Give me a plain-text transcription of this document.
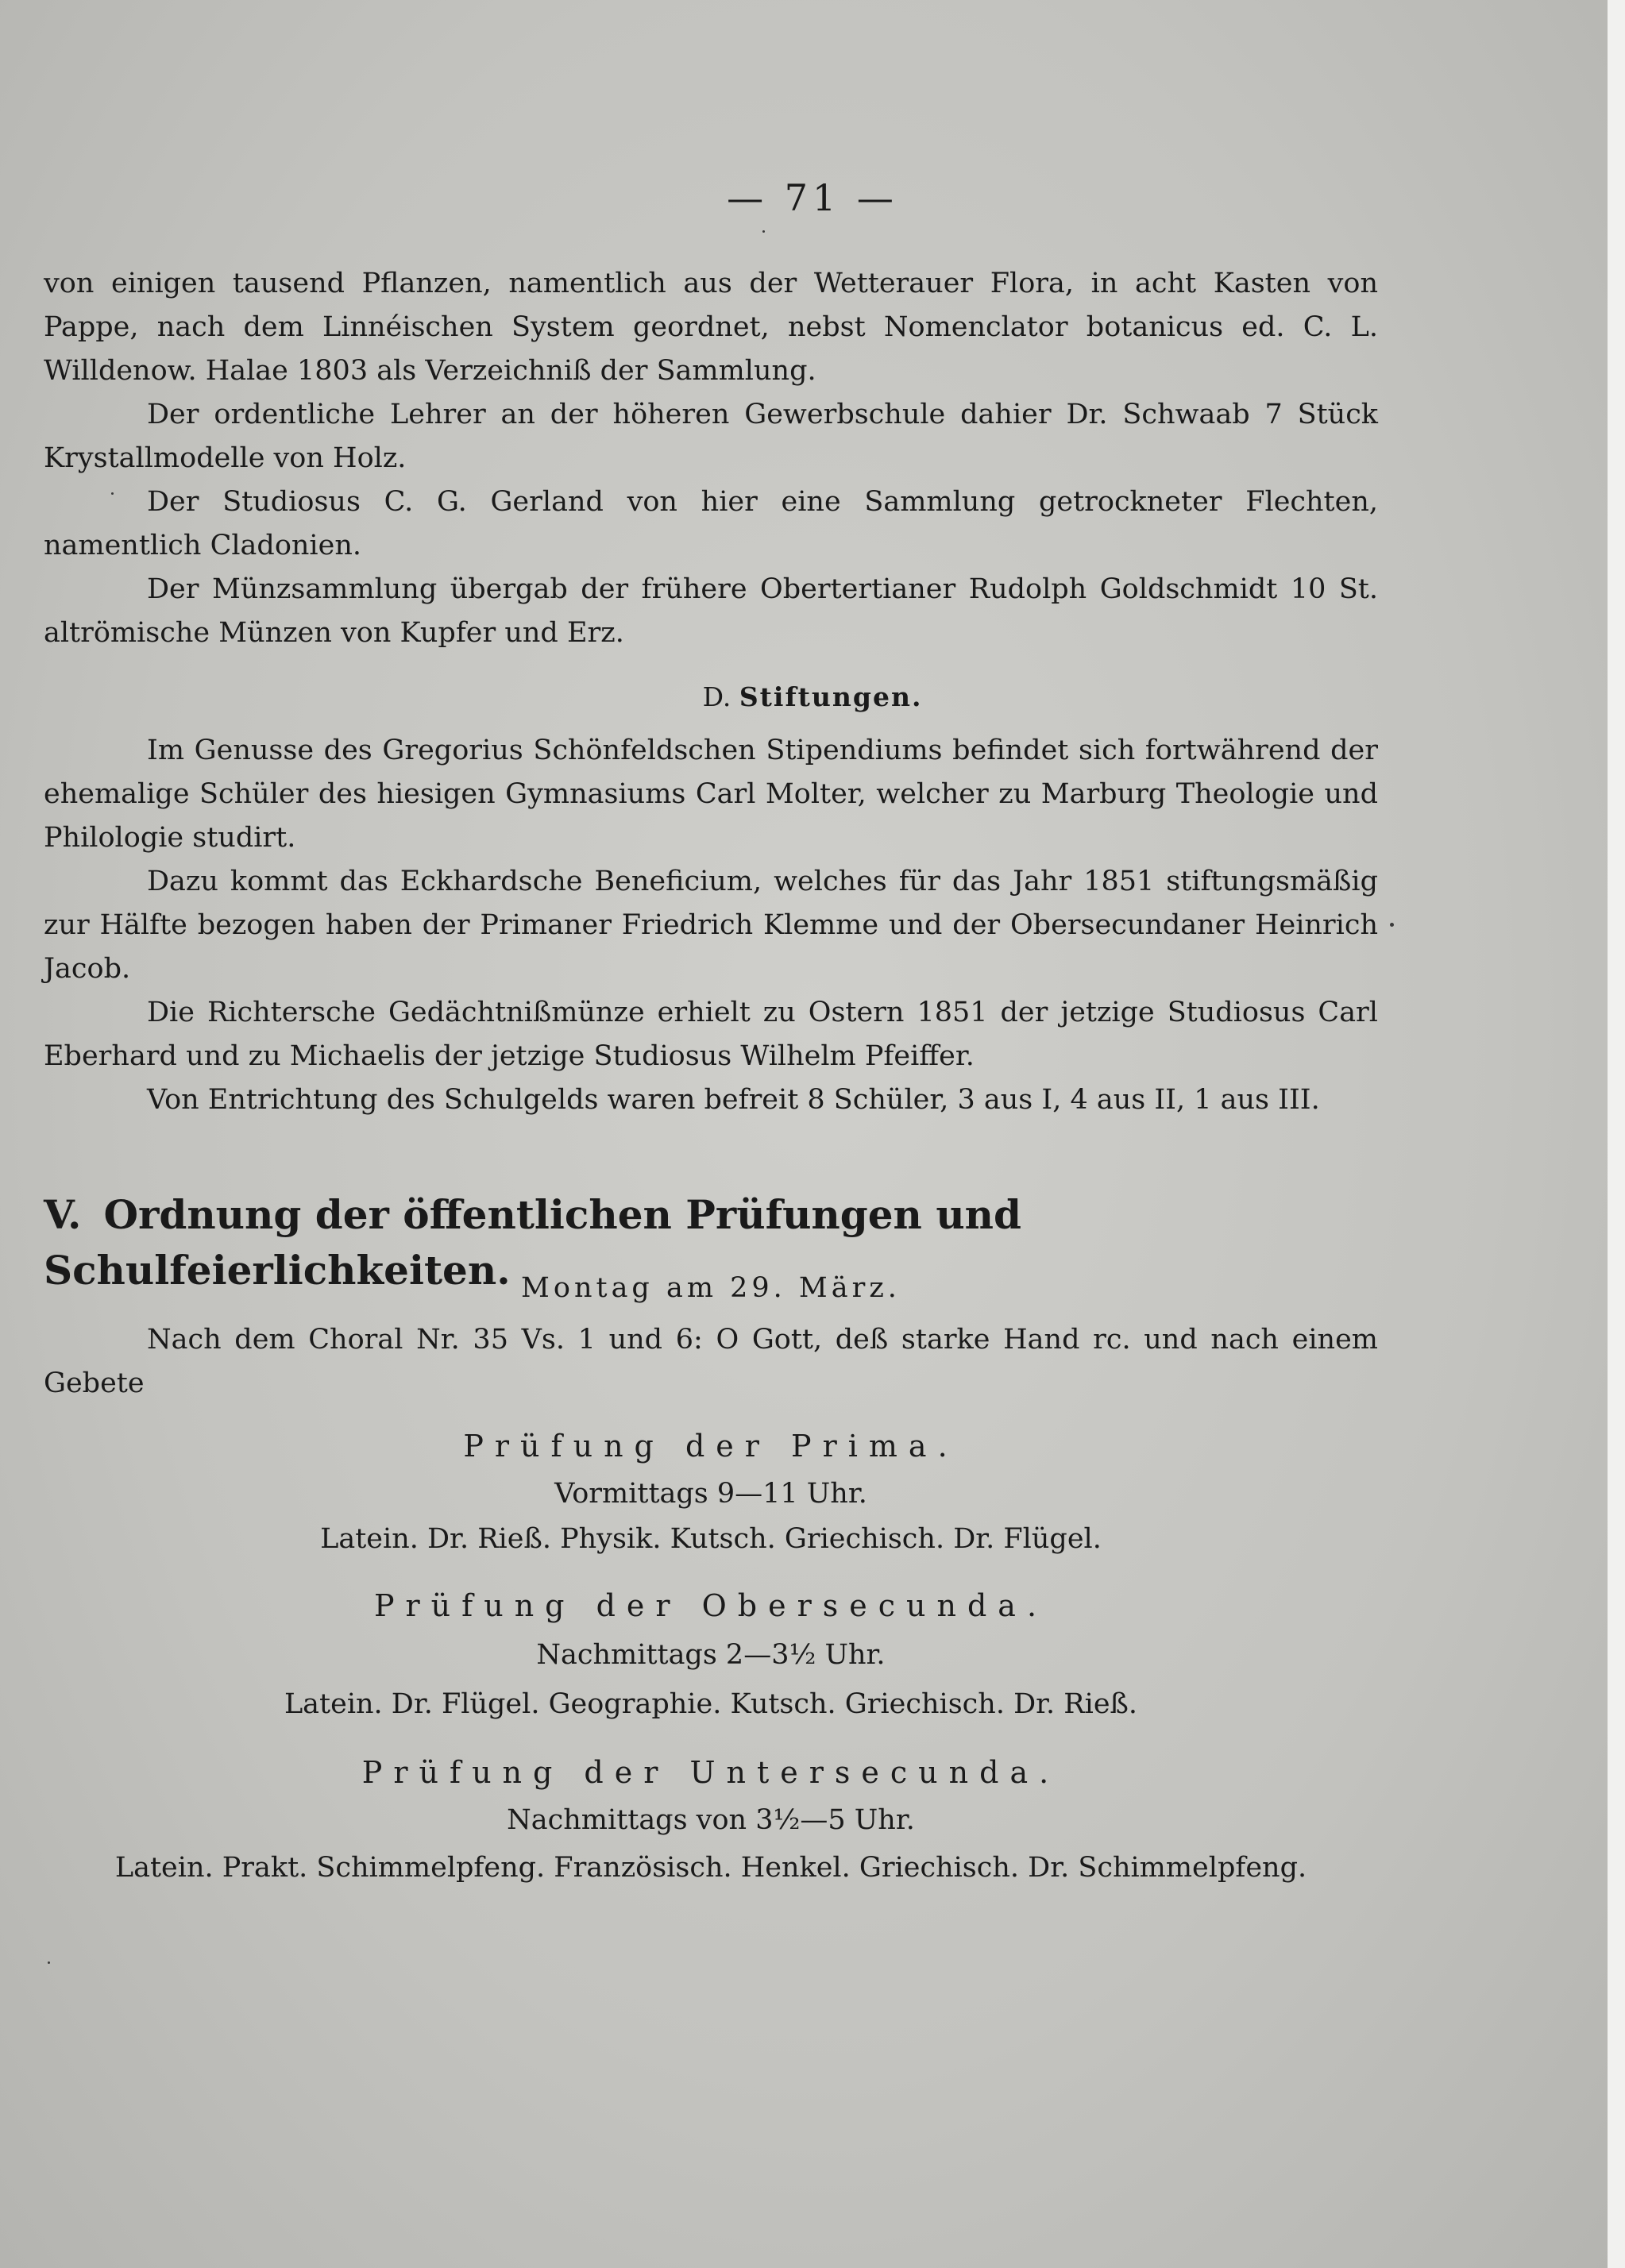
— 71 —

von einigen tausend Pflanzen, namentlich aus der Wetterauer Flora, in acht Kasten von Pappe, nach dem Linnéischen System geordnet, nebst Nomenclator botanicus ed. C. L. Willdenow. Halae 1803 als Verzeichniß der Sammlung.

Der ordentliche Lehrer an der höheren Gewerbschule dahier Dr. Schwaab 7 Stück Krystallmodelle von Holz.

Der Studiosus C. G. Gerland von hier eine Sammlung getrockneter Flechten, namentlich Cladonien.

Der Münzsammlung übergab der frühere Obertertianer Rudolph Goldschmidt 10 St. altrömische Münzen von Kupfer und Erz.

D. Stiftungen.

Im Genusse des Gregorius Schönfeldschen Stipendiums befindet sich fortwährend der ehemalige Schüler des hiesigen Gymnasiums Carl Molter, welcher zu Marburg Theologie und Philologie studirt.

Dazu kommt das Eckhardsche Beneficium, welches für das Jahr 1851 stiftungsmäßig zur Hälfte bezogen haben der Primaner Friedrich Klemme und der Obersecundaner Heinrich Jacob.

Die Richtersche Gedächtnißmünze erhielt zu Ostern 1851 der jetzige Studiosus Carl Eberhard und zu Michaelis der jetzige Studiosus Wilhelm Pfeiffer.

Von Entrichtung des Schulgelds waren befreit 8 Schüler, 3 aus I, 4 aus II, 1 aus III.

V. Ordnung der öffentlichen Prüfungen und Schulfeierlichkeiten. Montag am 29. März.

Nach dem Choral Nr. 35 Vs. 1 und 6: O Gott, deß starke Hand rc. und nach einem Gebete

Prüfung der Prima.
Vormittags 9—11 Uhr.
Latein. Dr. Rieß. Physik. Kutsch. Griechisch. Dr. Flügel.
Prüfung der Obersecunda.
Nachmittags 2—3½ Uhr.
Latein. Dr. Flügel. Geographie. Kutsch. Griechisch. Dr. Rieß.
Prüfung der Untersecunda.
Nachmittags von 3½—5 Uhr.
Latein. Prakt. Schimmelpfeng. Französisch. Henkel. Griechisch. Dr. Schimmelpfeng.
